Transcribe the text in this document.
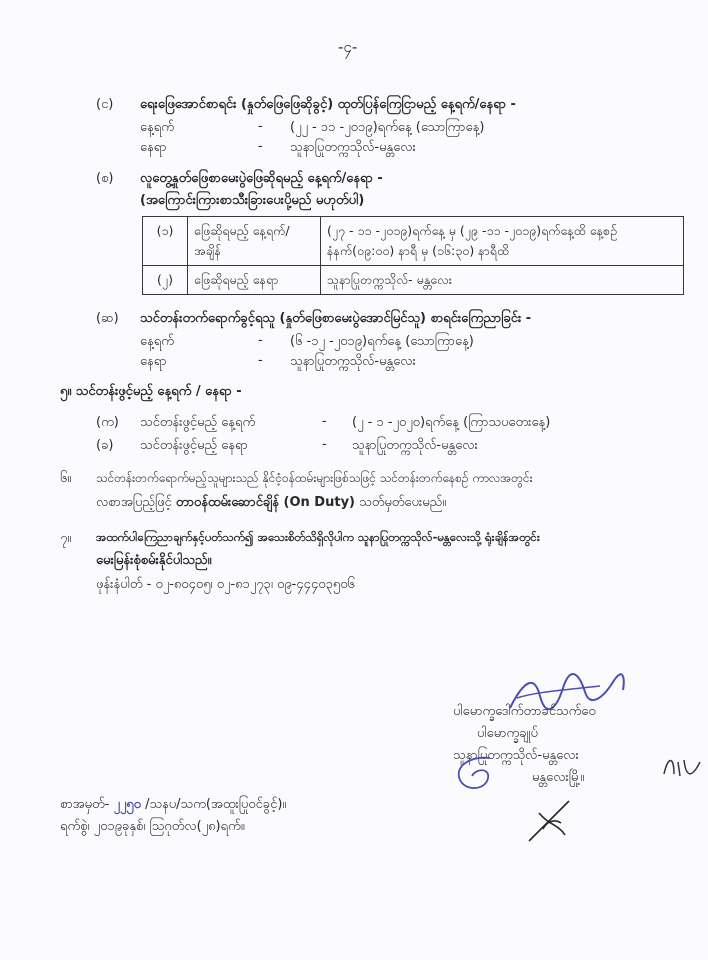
-၄-
(င) ရေးဖြေအောင်စာရင်း (နှုတ်ဖြေဖြေဆိုခွင့်) ထုတ်ပြန်ကြေငြာမည့် နေ့ရက်/နေရာ -
နေ့ရက်	- (၂၂ - ၁၁ -၂၀၁၉)ရက်နေ့ (သောကြာနေ့)
နေရာ	- သူနာပြုတက္ကသိုလ်-မန္တလေး
(စ) လူတွေ့နှုတ်ဖြေစာမေးပွဲဖြေဆိုရမည့် နေ့ရက်/နေရာ -
(အကြောင်းကြားစာသီးခြားပေးပို့မည် မဟုတ်ပါ)
(၁)	ဖြေဆိုရမည့် နေ့ရက်/ အချိန်	(၂၇ - ၁၁ -၂၀၁၉)ရက်နေ့ မှ (၂၉ -၁၁ -၂၀၁၉)ရက်နေ့ထိ နေ့စဉ် နံနက်(၀၉:၀၀) နာရီ မှ (၁၆:၃၀) နာရီထိ
(၂)	ဖြေဆိုရမည့် နေရာ	သူနာပြုတက္ကသိုလ်- မန္တလေး
(ဆ) သင်တန်းတက်ရောက်ခွင့်ရသူ (နှုတ်ဖြေစာမေးပွဲအောင်မြင်သူ) စာရင်းကြေညာခြင်း -
နေ့ရက်	- (၆ -၁၂ -၂၀၁၉)ရက်နေ့ (သောကြာနေ့)
နေရာ	- သူနာပြုတက္ကသိုလ်-မန္တလေး
၅။ သင်တန်းဖွင့်မည့် နေ့ရက် / နေရာ -
(က) သင်တန်းဖွင့်မည့် နေ့ရက်	- (၂ - ၁ -၂၀၂၀)ရက်နေ့ (ကြာသပတေးနေ့)
(ခ) သင်တန်းဖွင့်မည့် နေရာ	- သူနာပြုတက္ကသိုလ်-မန္တလေး
၆။ သင်တန်းတက်ရောက်မည့်သူများသည် နိုင်ငံ့ဝန်ထမ်းများဖြစ်သဖြင့် သင်တန်းတက်နေစဉ် ကာလအတွင်း
လစာအပြည့်ဖြင့် တာဝန်ထမ်းဆောင်ချိန် (On Duty) သတ်မှတ်ပေးမည်။
၇။ အထက်ပါကြေညာချက်နှင့်ပတ်သက်၍ အသေးစိတ်သိရှိလိုပါက သူနာပြုတက္ကသိုလ်-မန္တလေးသို့ ရုံးချိန်အတွင်း
မေးမြန်းစုံစမ်းနိုင်ပါသည်။
ဖုန်းနံပါတ် - ၀၂-၈၀၄၀၅၊ ၀၂-၈၁၂၇၃၊ ၀၉-၄၄၄၀၃၅၀၆
ပါမောက္ခဒေါက်တာခင်သက်ဝေ
ပါမောက္ခချုပ်
သူနာပြုတက္ကသိုလ်-မန္တလေး
မန္တလေးမြို့။
စာအမှတ်- ၂၂၅၀ /သနပ/သက(အထူးပြုဝင်ခွင့်)။
ရက်စွဲ၊ ၂၀၁၉ခုနှစ်၊ ဩဂုတ်လ(၂၈)ရက်။
